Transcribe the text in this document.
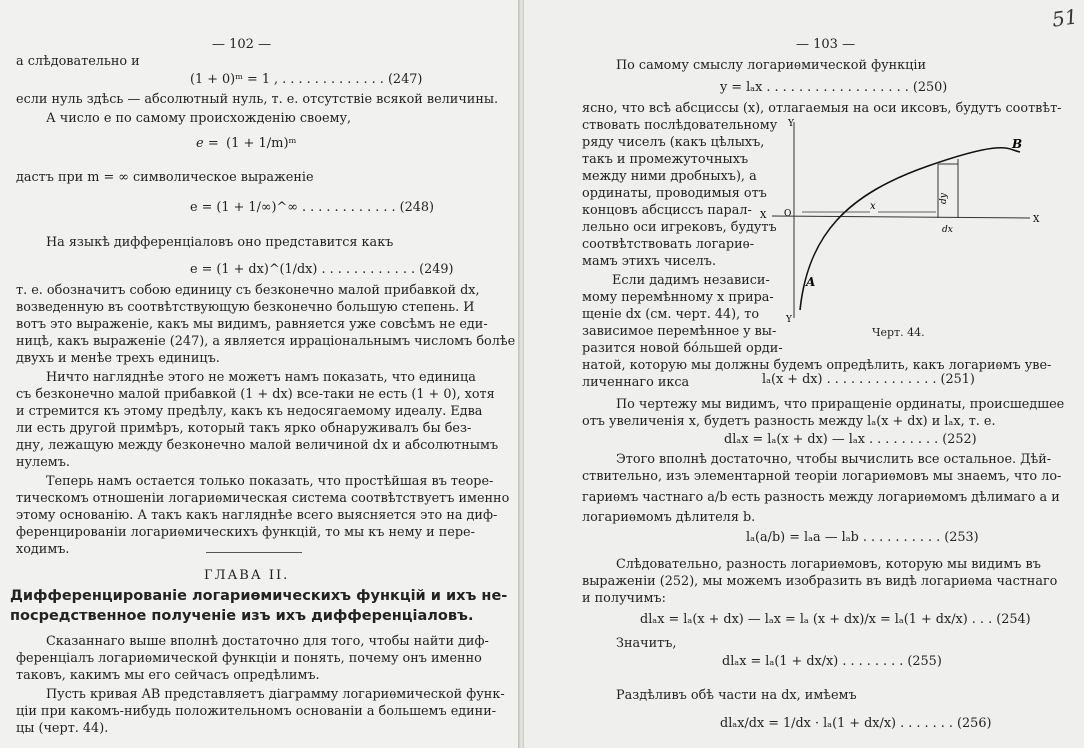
— 102 —
а слѣдовательно и
(1 + 0)ᵐ = 1 , . . . . . . . . . . . . . (247)
если нуль здѣсь — абсолютный нуль, т. е. отсутствіе всякой величины.
А число e по самому происхожденію своему,
e = (1 + 1/m)ᵐ
дастъ при m = ∞ символическое выраженіе
e = (1 + 1/∞)^∞ . . . . . . . . . . . . (248)
На языкѣ дифференціаловъ оно представится какъ
e = (1 + dx)^(1/dx) . . . . . . . . . . . . (249)
т. е. обозначитъ собою единицу съ безконечно малой прибавкой dx,
возведенную въ соотвѣтствующую безконечно большую степень. И
вотъ это выраженіе, какъ мы видимъ, равняется уже совсѣмъ не еди-
ницѣ, какъ выраженіе (247), а является ирраціональнымъ числомъ болѣе
двухъ и менѣе трехъ единицъ.
Ничто нагляднѣе этого не можетъ намъ показать, что единица
съ безконечно малой прибавкой (1 + dx) все-таки не есть (1 + 0), хотя
и стремится къ этому предѣлу, какъ къ недосягаемому идеалу. Едва
ли есть другой примѣръ, который такъ ярко обнаруживалъ бы без-
дну, лежащую между безконечно малой величиной dx и абсолютнымъ
нулемъ.
Теперь намъ остается только показать, что простѣйшая въ теоре-
тическомъ отношеніи логариѳмическая система соотвѣтствуетъ именно
этому основанію. А такъ какъ нагляднѣе всего выясняется это на диф-
ференцированіи логариѳмическихъ функцій, то мы къ нему и пере-
ходимъ.
ГЛАВА II.
Дифференцированіе логариѳмическихъ функцій и ихъ не-
посредственное полученіе изъ ихъ дифференціаловъ.
Сказаннаго выше вполнѣ достаточно для того, чтобы найти диф-
ференціалъ логариѳмической функціи и понять, почему онъ именно
таковъ, какимъ мы его сейчасъ опредѣлимъ.
Пусть кривая AB представляетъ діаграмму логариѳмической функ-
ціи при какомъ-нибудь положительномъ основаніи a большемъ едини-
цы (черт. 44).
— 103 —
51
По самому смыслу логариѳмической функціи
y = lₐx . . . . . . . . . . . . . . . . . . (250)
ясно, что всѣ абсциссы (x), отлагаемыя на оси иксовъ, будутъ соотвѣт-
ствовать послѣдовательному
ряду чиселъ (какъ цѣлыхъ,
такъ и промежуточныхъ
между ними дробныхъ), а
ординаты, проводимыя отъ
концовъ абсциссъ парал-
лельно оси игрековъ, будутъ
соотвѣтствовать логариѳ-
мамъ этихъ чиселъ.
Если дадимъ независи-
мому перемѣнному x прира-
щеніе dx (см. черт. 44), то
зависимое перемѣнное y вы-
разится новой бо́льшей орди-
B
A
X
X
Y
Y
O
x
dx
dy
Черт. 44.
натой, которую мы должны будемъ опредѣлить, какъ логариѳмъ уве-
личеннаго икса	lₐ(x + dx) . . . . . . . . . . . . . . (251)
По чертежу мы видимъ, что приращеніе ординаты, происшедшее
отъ увеличенія x, будетъ разность между lₐ(x + dx) и lₐx, т. е.
dlₐx = lₐ(x + dx) — lₐx . . . . . . . . . (252)
Этого вполнѣ достаточно, чтобы вычислить все остальное. Дѣй-
ствительно, изъ элементарной теоріи логариѳмовъ мы знаемъ, что ло-
гариѳмъ частнаго a/b есть разность между логариѳмомъ дѣлимаго a и
логариѳмомъ дѣлителя b.
lₐ(a/b) = lₐa — lₐb . . . . . . . . . . (253)
Слѣдовательно, разность логариѳмовъ, которую мы видимъ въ
выраженіи (252), мы можемъ изобразить въ видѣ логариѳма частнаго
и получимъ:
dlₐx = lₐ(x + dx) — lₐx = lₐ (x + dx)/x = lₐ(1 + dx/x) . . . (254)
Значитъ,
dlₐx = lₐ(1 + dx/x) . . . . . . . . (255)
Раздѣливъ обѣ части на dx, имѣемъ
dlₐx/dx = 1/dx · lₐ(1 + dx/x) . . . . . . . (256)
